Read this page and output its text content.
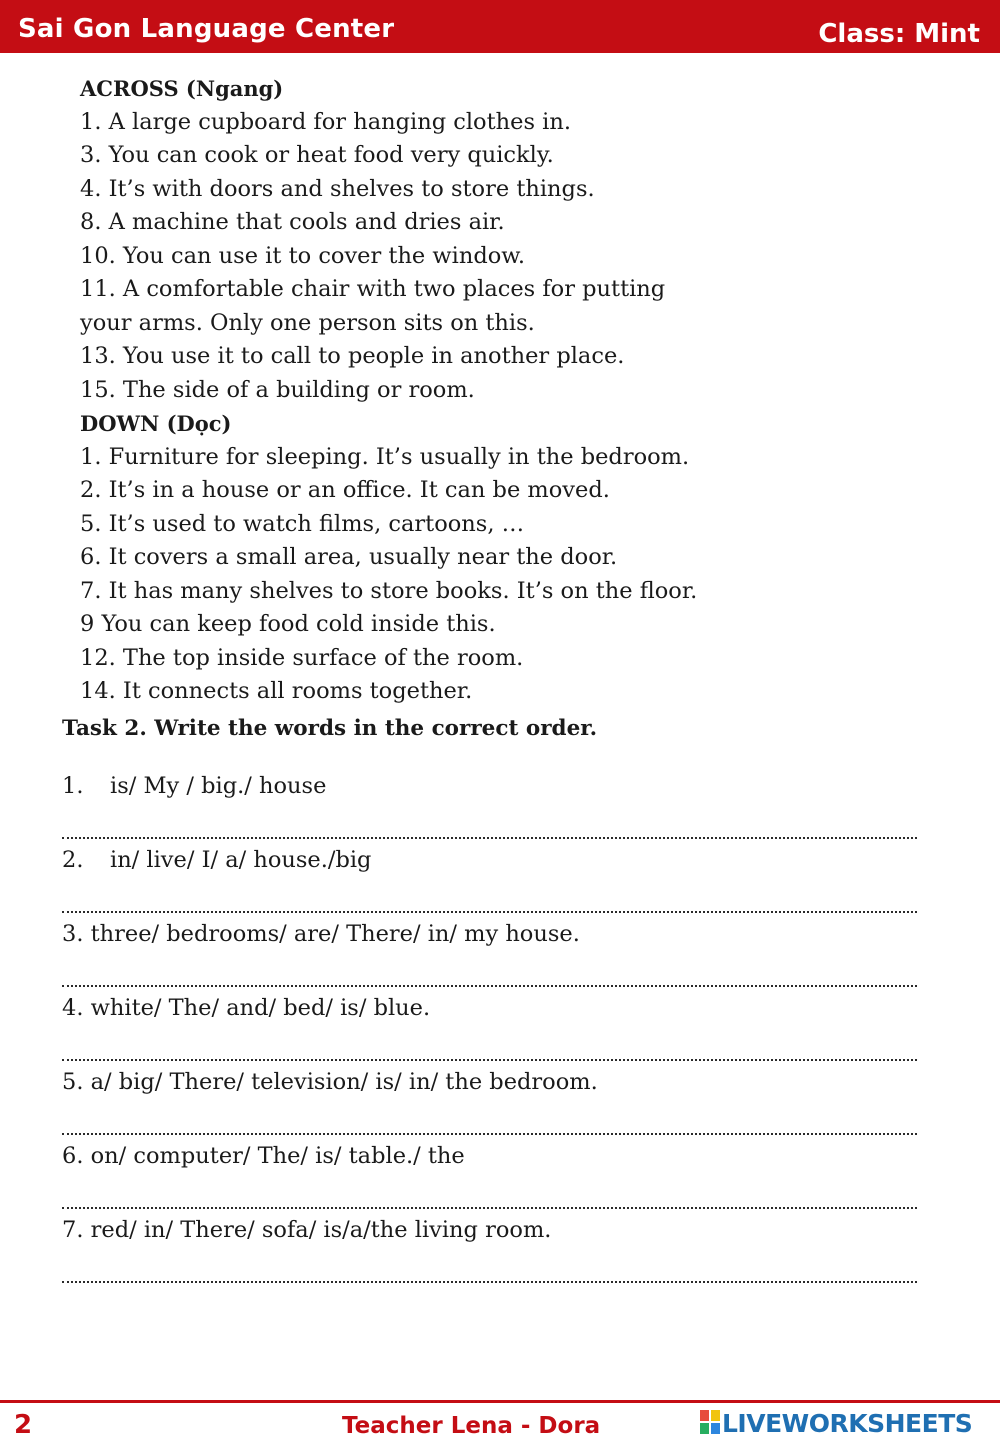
Sai Gon Language Center	Class: Mint
ACROSS (Ngang)
1. A large cupboard for hanging clothes in.
3. You can cook or heat food very quickly.
4. It’s with doors and shelves to store things.
8. A machine that cools and dries air.
10. You can use it to cover the window.
11. A comfortable chair with two places for putting
your arms. Only one person sits on this.
13. You use it to call to people in another place.
15. The side of a building or room.
DOWN (Dọc)
1. Furniture for sleeping. It’s usually in the bedroom.
2. It’s in a house or an office. It can be moved.
5. It’s used to watch films, cartoons, …
6. It covers a small area, usually near the door.
7. It has many shelves to store books. It’s on the floor.
9 You can keep food cold inside this.
12. The top inside surface of the room.
14. It connects all rooms together.
Task 2. Write the words in the correct order.
1. is/ My / big./ house
2. in/ live/ I/ a/ house./big
3. three/ bedrooms/ are/ There/ in/ my house.
4. white/ The/ and/ bed/ is/ blue.
5. a/ big/ There/ television/ is/ in/ the bedroom.
6. on/ computer/ The/ is/ table./ the
7. red/ in/ There/ sofa/ is/a/the living room.
2	Teacher Lena - Dora	LIVEWORKSHEETS
